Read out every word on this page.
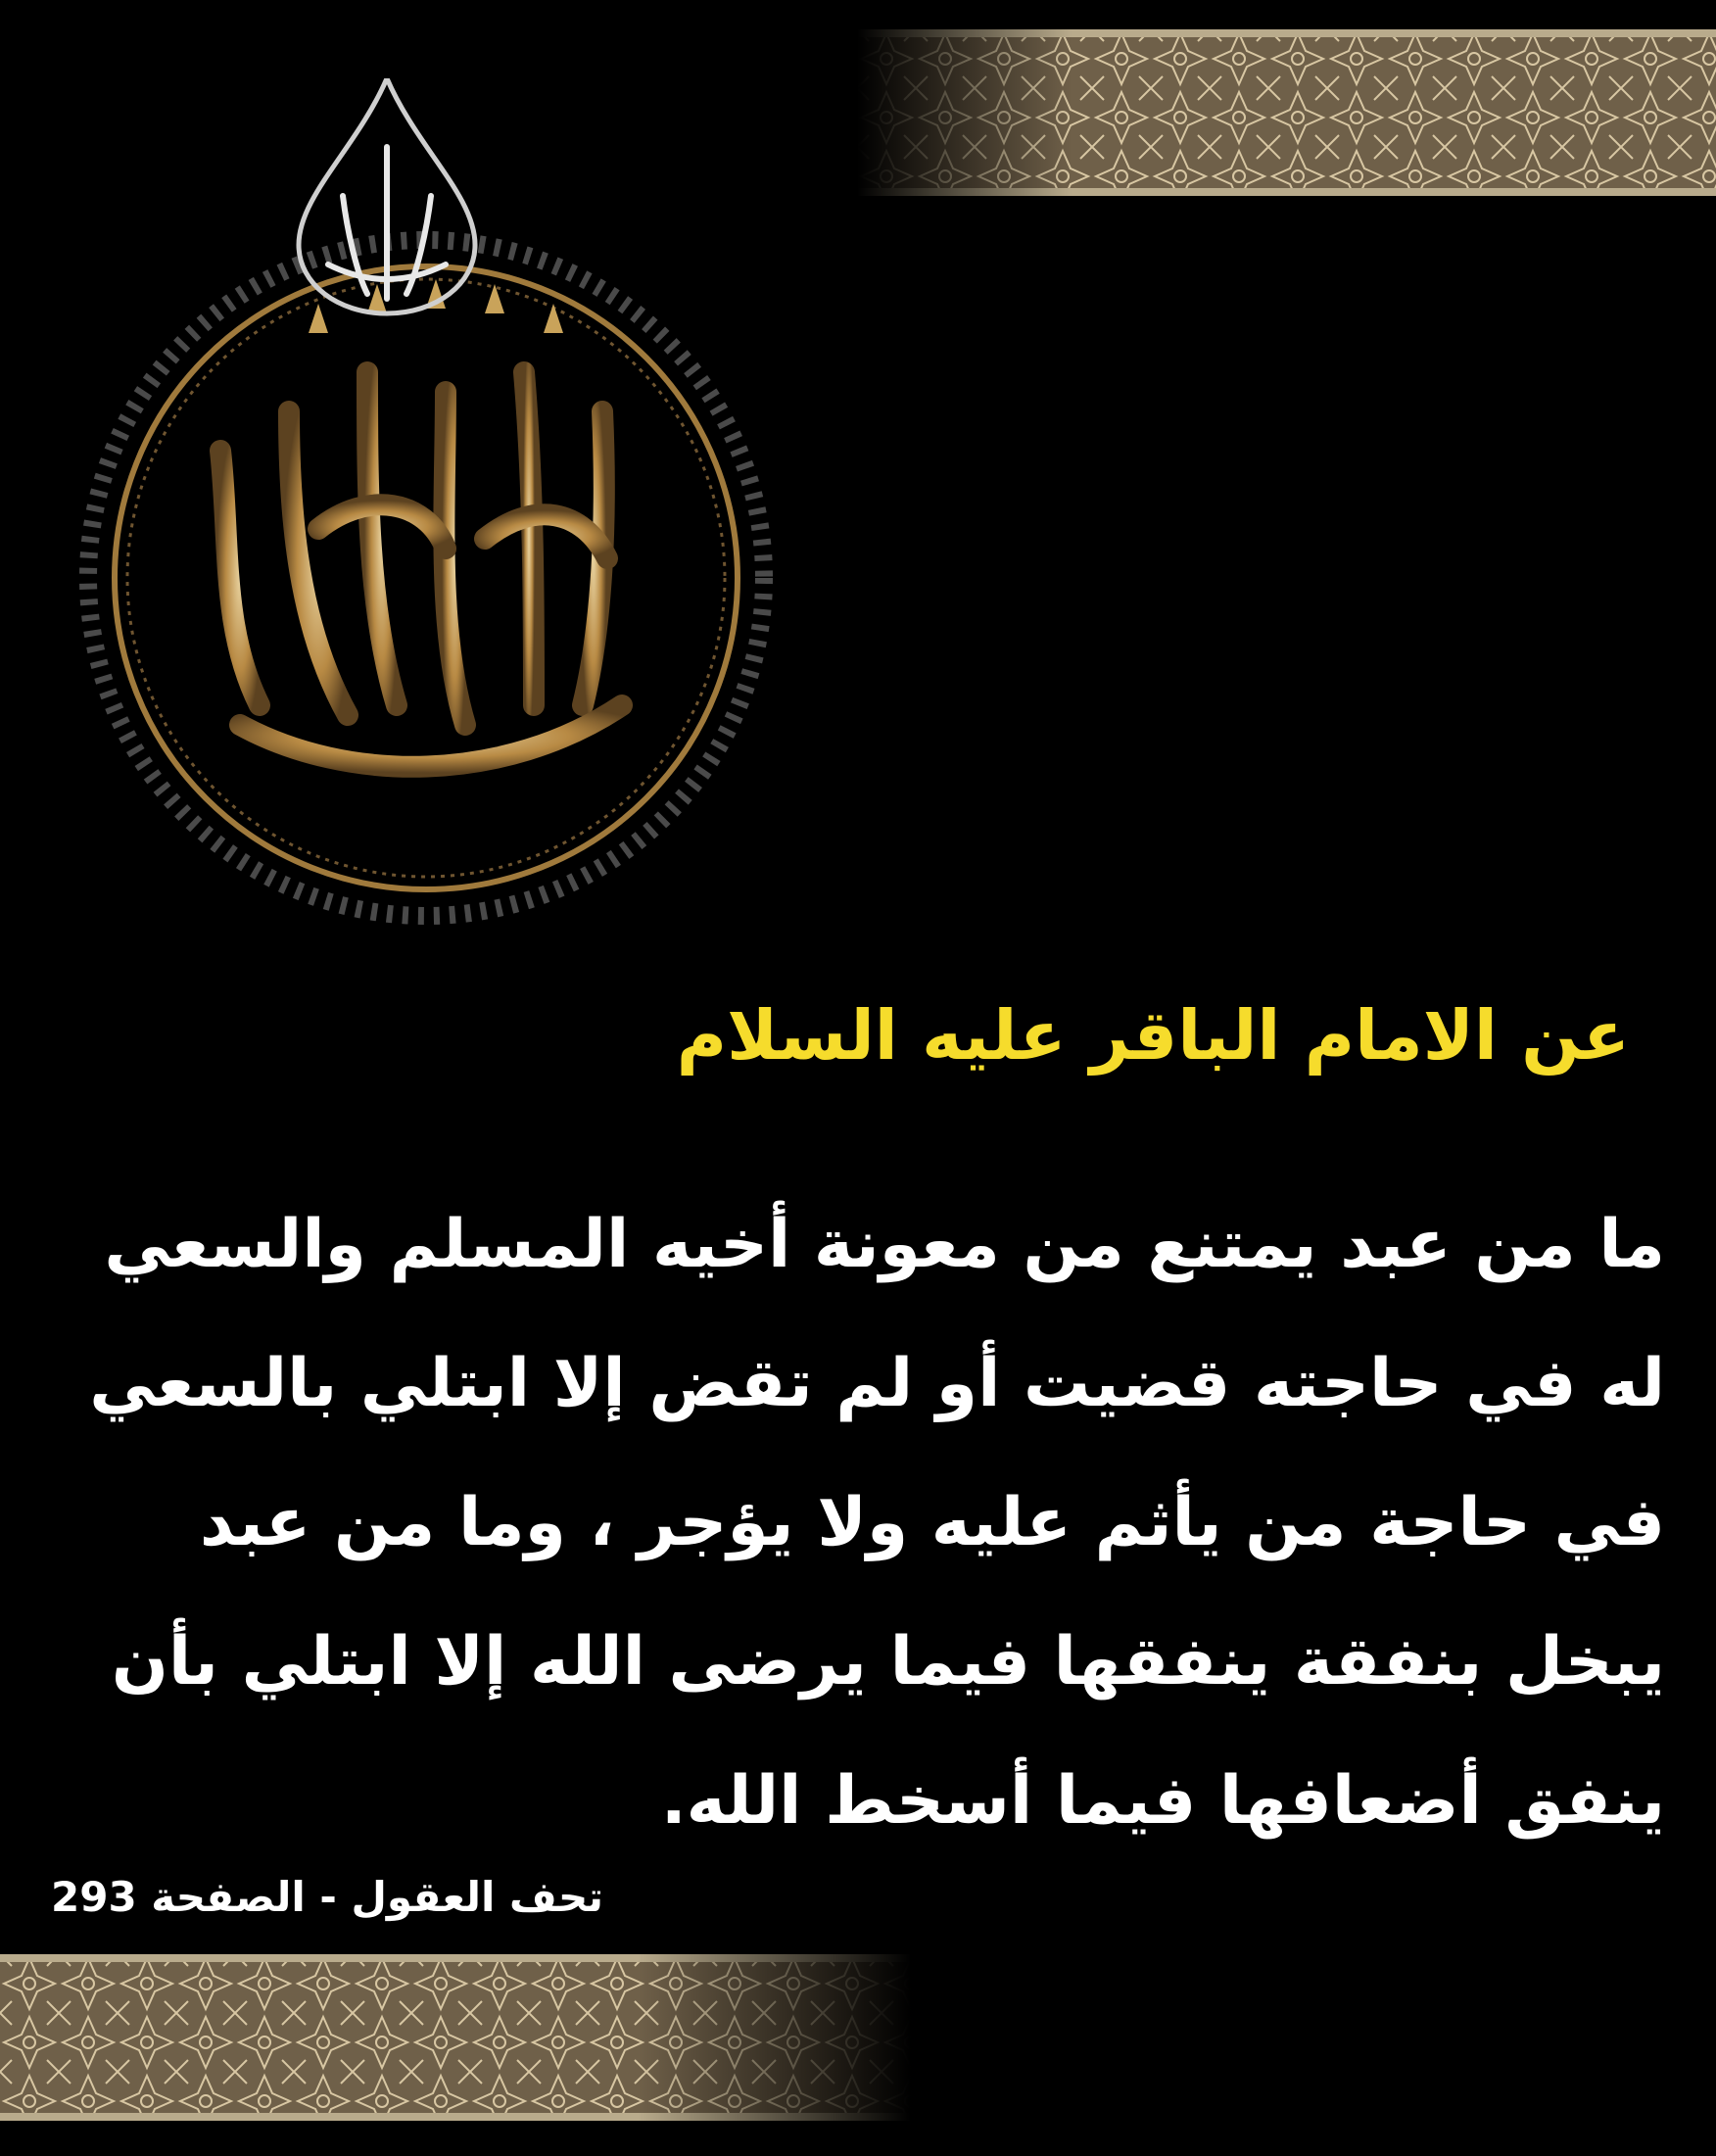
عن الامام الباقر عليه السلام
ما من عبد يمتنع من معونة أخيه المسلم والسعي
له في حاجته قضيت أو لم تقض إلا ابتلي بالسعي
في حاجة من يأثم عليه ولا يؤجر ، وما من عبد
يبخل بنفقة ينفقها فيما يرضى الله إلا ابتلي بأن
ينفق أضعافها فيما أسخط الله.

تحف العقول - الصفحة 293
